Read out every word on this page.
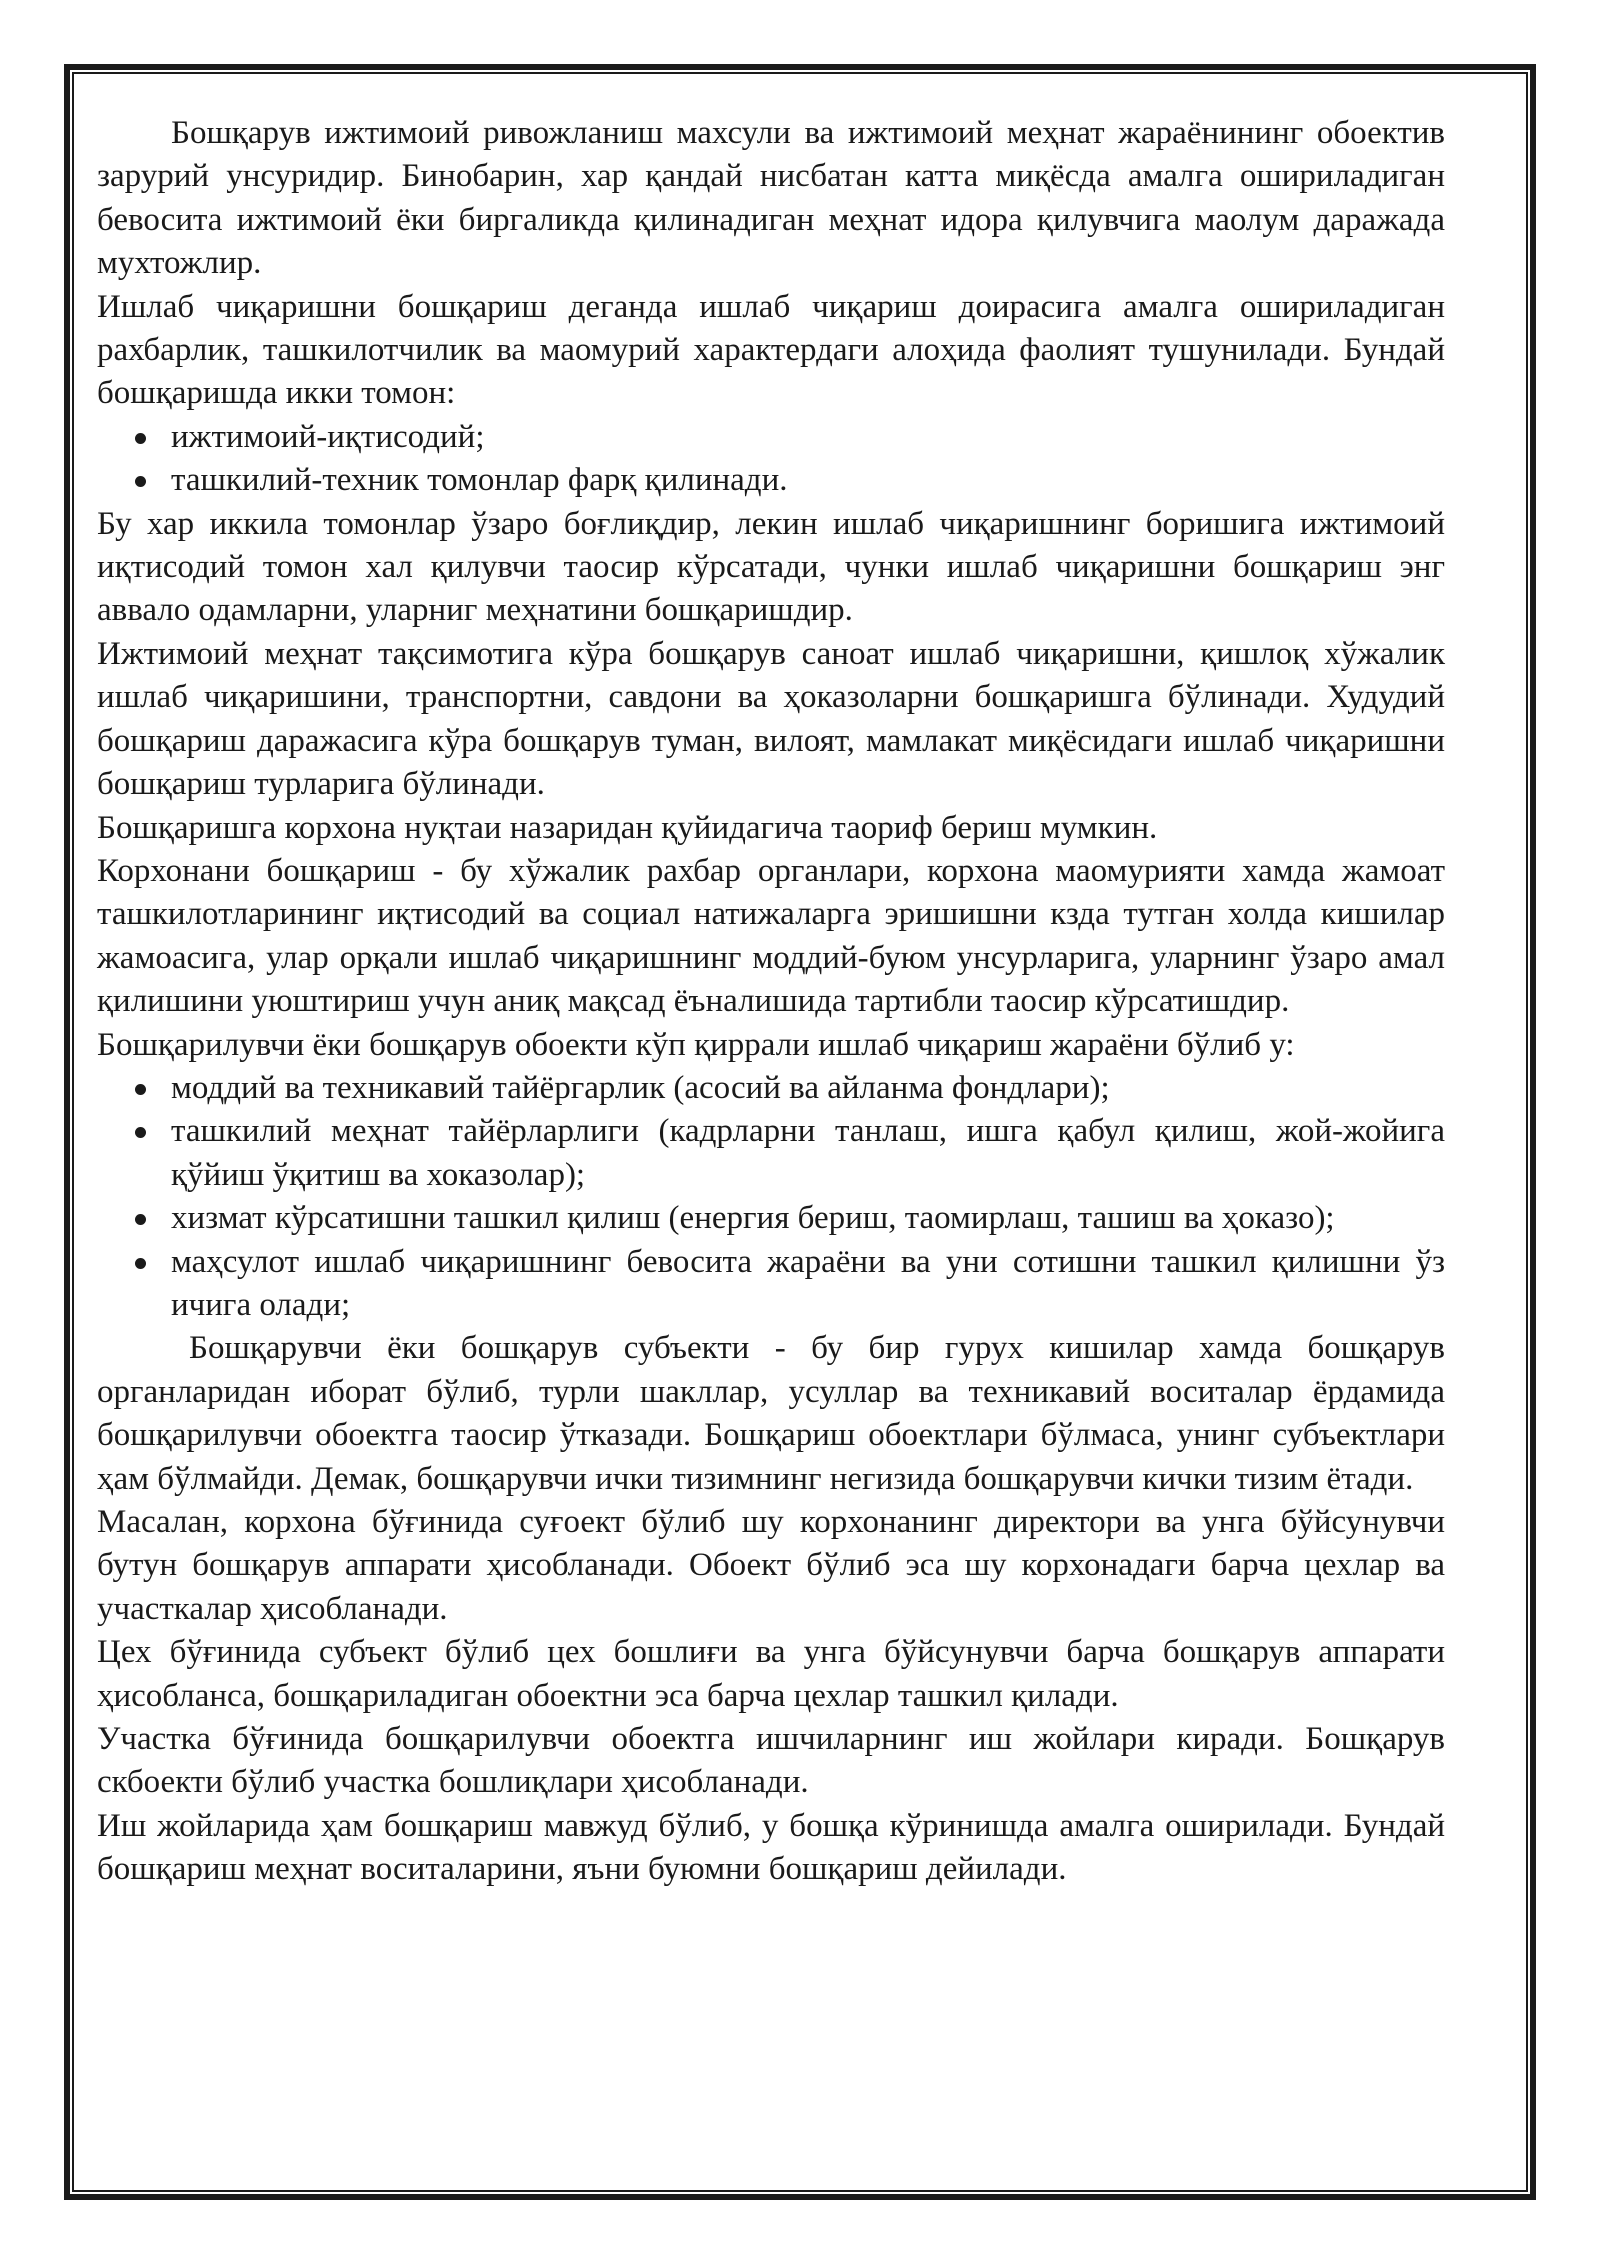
Бошқарув ижтимоий ривожланиш махсули ва ижтимоий меҳнат жараёнининг обоектив зарурий унсуридир. Бинобарин, хар қандай нисбатан катта миқёсда амалга ошириладиган бевосита ижтимоий ёки биргаликда қилинадиган меҳнат идора қилувчига маолум даражада мухтожлир.

Ишлаб чиқаришни бошқариш деганда ишлаб чиқариш доирасига амалга ошириладиган рахбарлик, ташкилотчилик ва маомурий характердаги алоҳида фаолият тушунилади. Бундай бошқаришда икки томон:

ижтимоий-иқтисодий;
ташкилий-техник томонлар фарқ қилинади.

Бу хар иккила томонлар ўзаро боғлиқдир, лекин ишлаб чиқаришнинг боришига ижтимоий иқтисодий томон хал қилувчи таосир кўрсатади, чунки ишлаб чиқаришни бошқариш энг аввало одамларни, уларниг меҳнатини бошқаришдир.

Ижтимоий меҳнат тақсимотига кўра бошқарув саноат ишлаб чиқаришни, қишлоқ хўжалик ишлаб чиқаришини, транспортни, савдони ва ҳоказоларни бошқаришга бўлинади. Худудий бошқариш даражасига кўра бошқарув туман, вилоят, мамлакат миқёсидаги ишлаб чиқаришни бошқариш турларига бўлинади.

Бошқаришга корхона нуқтаи назаридан қуйидагича таориф бериш мумкин.

Корхонани бошқариш - бу хўжалик рахбар органлари, корхона маомурияти хамда жамоат ташкилотларининг иқтисодий ва социал натижаларга эришишни кзда тутган холда кишилар жамоасига, улар орқали ишлаб чиқаришнинг моддий-буюм унсурларига, уларнинг ўзаро амал қилишини уюштириш учун аниқ мақсад ёъналишида тартибли таосир кўрсатишдир.

Бошқарилувчи ёки бошқарув обоекти кўп қиррали ишлаб чиқариш жараёни бўлиб у:

моддий ва техникавий тайёргарлик (асосий ва айланма фондлари);
ташкилий меҳнат тайёрларлиги (кадрларни танлаш, ишга қабул қилиш, жой-жойига қўйиш ўқитиш ва хоказолар);
хизмат кўрсатишни ташкил қилиш (енергия бериш, таомирлаш, ташиш ва ҳоказо);
маҳсулот ишлаб чиқаришнинг бевосита жараёни ва уни сотишни ташкил қилишни ўз ичига олади;

Бошқарувчи ёки бошқарув субъекти - бу бир гурух кишилар хамда бошқарув органларидан иборат бўлиб, турли шакллар, усуллар ва техникавий воситалар ёрдамида бошқарилувчи обоектга таосир ўтказади. Бошқариш обоектлари бўлмаса, унинг субъектлари ҳам бўлмайди. Демак, бошқарувчи ички тизимнинг негизида бошқарувчи кички тизим ётади.

Масалан, корхона бўғинида суғоект бўлиб шу корхонанинг директори ва унга бўйсунувчи бутун бошқарув аппарати ҳисобланади. Обоект бўлиб эса шу корхонадаги барча цехлар ва участкалар ҳисобланади.

Цех бўғинида субъект бўлиб цех бошлиғи ва унга бўйсунувчи барча бошқарув аппарати ҳисобланса, бошқариладиган обоектни эса барча цехлар ташкил қилади.

Участка бўғинида бошқарилувчи обоектга ишчиларнинг иш жойлари киради. Бошқарув скбоекти бўлиб участка бошлиқлари ҳисобланади.

Иш жойларида ҳам бошқариш мавжуд бўлиб, у бошқа кўринишда амалга оширилади. Бундай бошқариш меҳнат воситаларини, яъни буюмни бошқариш дейилади.
